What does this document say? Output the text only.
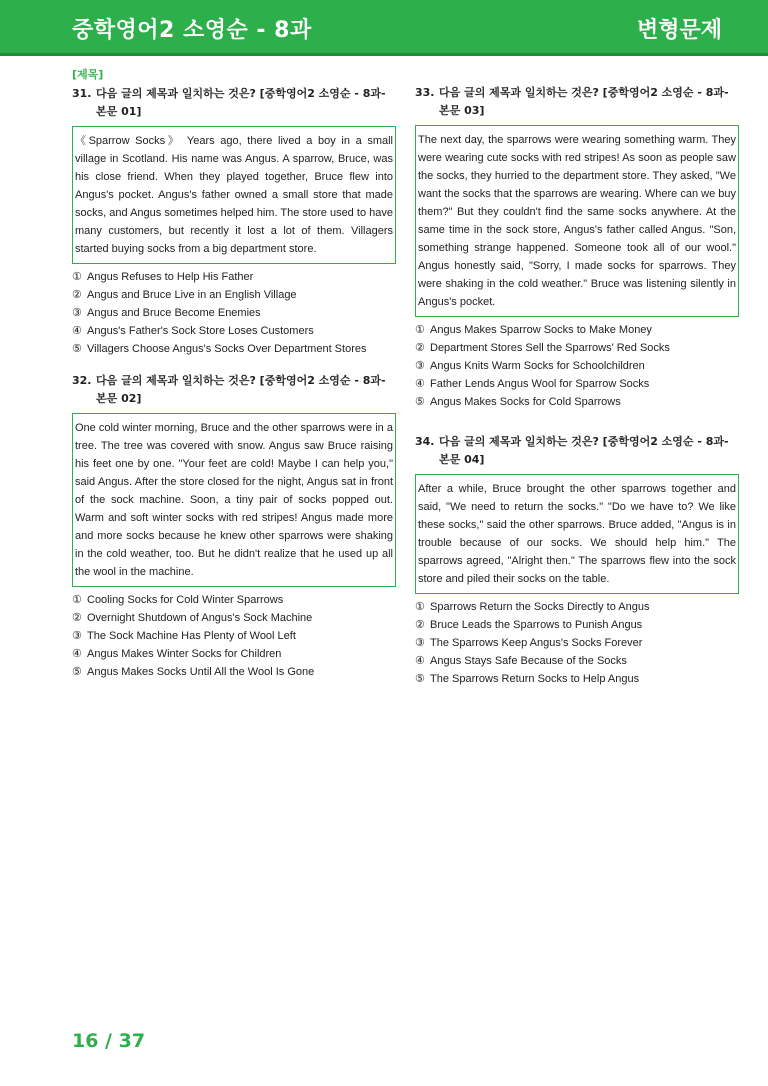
중학영어2 소영순 - 8과	변형문제
[제목]
31. 다음 글의 제목과 일치하는 것은? [중학영어2 소영순 - 8과-
본문 01]
《Sparrow Socks》 Years ago, there lived a boy in a small village in Scotland. His name was Angus. A sparrow, Bruce, was his close friend. When they played together, Bruce flew into Angus's pocket. Angus's father owned a small store that made socks, and Angus sometimes helped him. The store used to have many customers, but recently it lost a lot of them. Villagers started buying socks from a big department store.
① Angus Refuses to Help His Father
② Angus and Bruce Live in an English Village
③ Angus and Bruce Become Enemies
④ Angus's Father's Sock Store Loses Customers
⑤ Villagers Choose Angus's Socks Over Department Stores
32. 다음 글의 제목과 일치하는 것은? [중학영어2 소영순 - 8과-
본문 02]
One cold winter morning, Bruce and the other sparrows were in a tree. The tree was covered with snow. Angus saw Bruce raising his feet one by one. "Your feet are cold! Maybe I can help you," said Angus. After the store closed for the night, Angus sat in front of the sock machine. Soon, a tiny pair of socks popped out. Warm and soft winter socks with red stripes! Angus made more and more socks because he knew other sparrows were shaking in the cold weather, too. But he didn't realize that he used up all the wool in the machine.
① Cooling Socks for Cold Winter Sparrows
② Overnight Shutdown of Angus's Sock Machine
③ The Sock Machine Has Plenty of Wool Left
④ Angus Makes Winter Socks for Children
⑤ Angus Makes Socks Until All the Wool Is Gone
33. 다음 글의 제목과 일치하는 것은? [중학영어2 소영순 - 8과-
본문 03]
The next day, the sparrows were wearing something warm. They were wearing cute socks with red stripes! As soon as people saw the socks, they hurried to the department store. They asked, "We want the socks that the sparrows are wearing. Where can we buy them?" But they couldn't find the same socks anywhere. At the same time in the sock store, Angus's father called Angus. "Son, something strange happened. Someone took all of our wool." Angus honestly said, "Sorry, I made socks for sparrows. They were shaking in the cold weather." Bruce was listening silently in Angus's pocket.
① Angus Makes Sparrow Socks to Make Money
② Department Stores Sell the Sparrows' Red Socks
③ Angus Knits Warm Socks for Schoolchildren
④ Father Lends Angus Wool for Sparrow Socks
⑤ Angus Makes Socks for Cold Sparrows
34. 다음 글의 제목과 일치하는 것은? [중학영어2 소영순 - 8과-
본문 04]
After a while, Bruce brought the other sparrows together and said, "We need to return the socks." "Do we have to? We like these socks," said the other sparrows. Bruce added, "Angus is in trouble because of our socks. We should help him." The sparrows agreed, "Alright then." The sparrows flew into the sock store and piled their socks on the table.
① Sparrows Return the Socks Directly to Angus
② Bruce Leads the Sparrows to Punish Angus
③ The Sparrows Keep Angus's Socks Forever
④ Angus Stays Safe Because of the Socks
⑤ The Sparrows Return Socks to Help Angus
16 / 37
